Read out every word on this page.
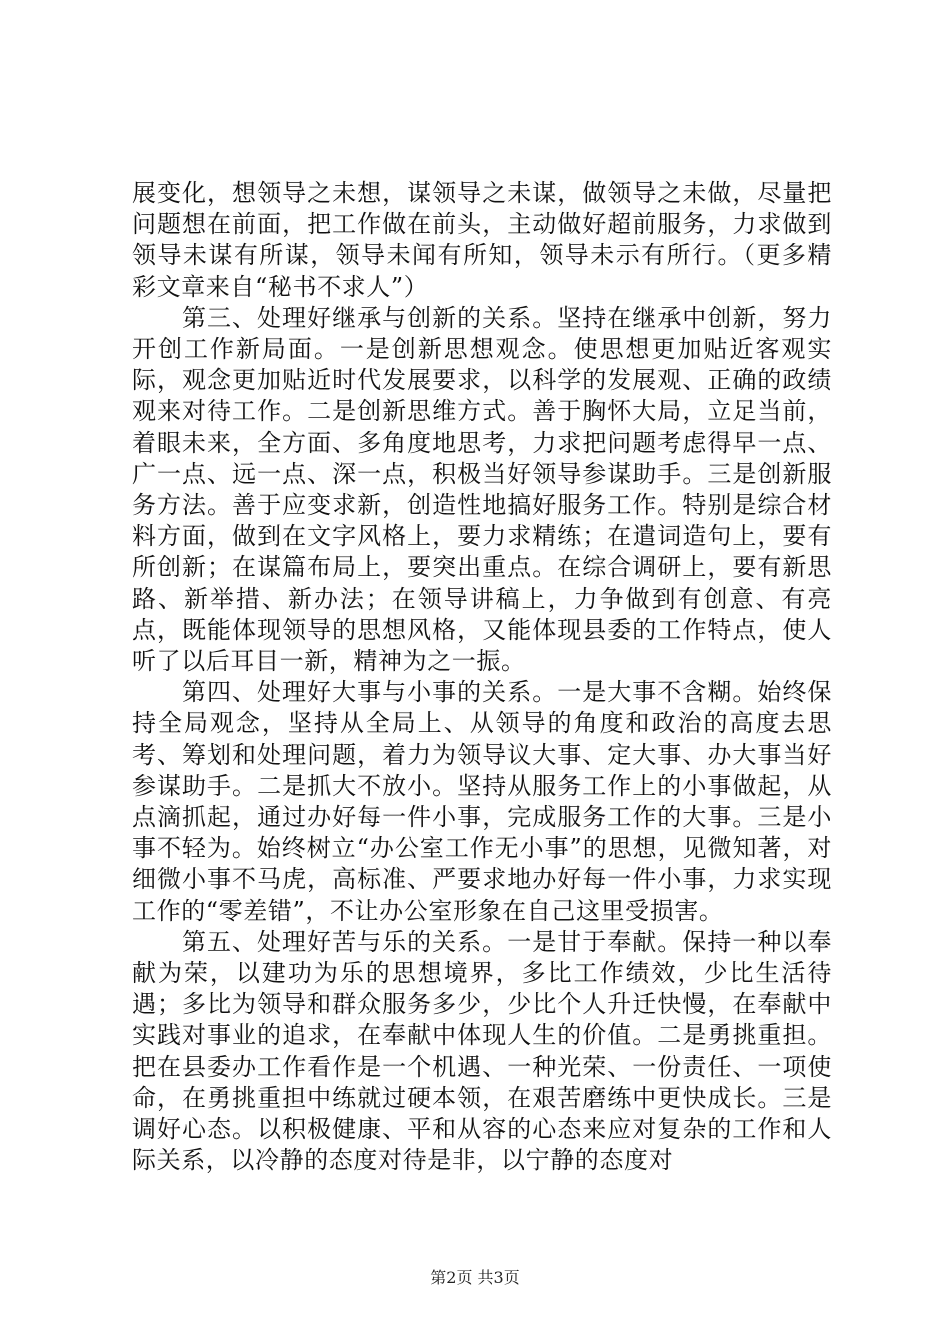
展变化，想领导之未想，谋领导之未谋，做领导之未做，尽量把问题想在前面，把工作做在前头，主动做好超前服务，力求做到领导未谋有所谋，领导未闻有所知，领导未示有所行。（更多精彩文章来自“秘书不求人”）

第三、处理好继承与创新的关系。坚持在继承中创新，努力开创工作新局面。一是创新思想观念。使思想更加贴近客观实际，观念更加贴近时代发展要求，以科学的发展观、正确的政绩观来对待工作。二是创新思维方式。善于胸怀大局，立足当前，着眼未来，全方面、多角度地思考，力求把问题考虑得早一点、广一点、远一点、深一点，积极当好领导参谋助手。三是创新服务方法。善于应变求新，创造性地搞好服务工作。特别是综合材料方面，做到在文字风格上，要力求精练；在遣词造句上，要有所创新；在谋篇布局上，要突出重点。在综合调研上，要有新思路、新举措、新办法；在领导讲稿上，力争做到有创意、有亮点，既能体现领导的思想风格，又能体现县委的工作特点，使人听了以后耳目一新，精神为之一振。

第四、处理好大事与小事的关系。一是大事不含糊。始终保持全局观念，坚持从全局上、从领导的角度和政治的高度去思考、筹划和处理问题，着力为领导议大事、定大事、办大事当好参谋助手。二是抓大不放小。坚持从服务工作上的小事做起，从点滴抓起，通过办好每一件小事，完成服务工作的大事。三是小事不轻为。始终树立“办公室工作无小事”的思想，见微知著，对细微小事不马虎，高标准、严要求地办好每一件小事，力求实现工作的“零差错”，不让办公室形象在自己这里受损害。

第五、处理好苦与乐的关系。一是甘于奉献。保持一种以奉献为荣，以建功为乐的思想境界，多比工作绩效，少比生活待遇；多比为领导和群众服务多少，少比个人升迁快慢，在奉献中实践对事业的追求，在奉献中体现人生的价值。二是勇挑重担。把在县委办工作看作是一个机遇、一种光荣、一份责任、一项使命，在勇挑重担中练就过硬本领，在艰苦磨练中更快成长。三是调好心态。以积极健康、平和从容的心态来应对复杂的工作和人际关系，以冷静的态度对待是非，以宁静的态度对

第2页 共3页
